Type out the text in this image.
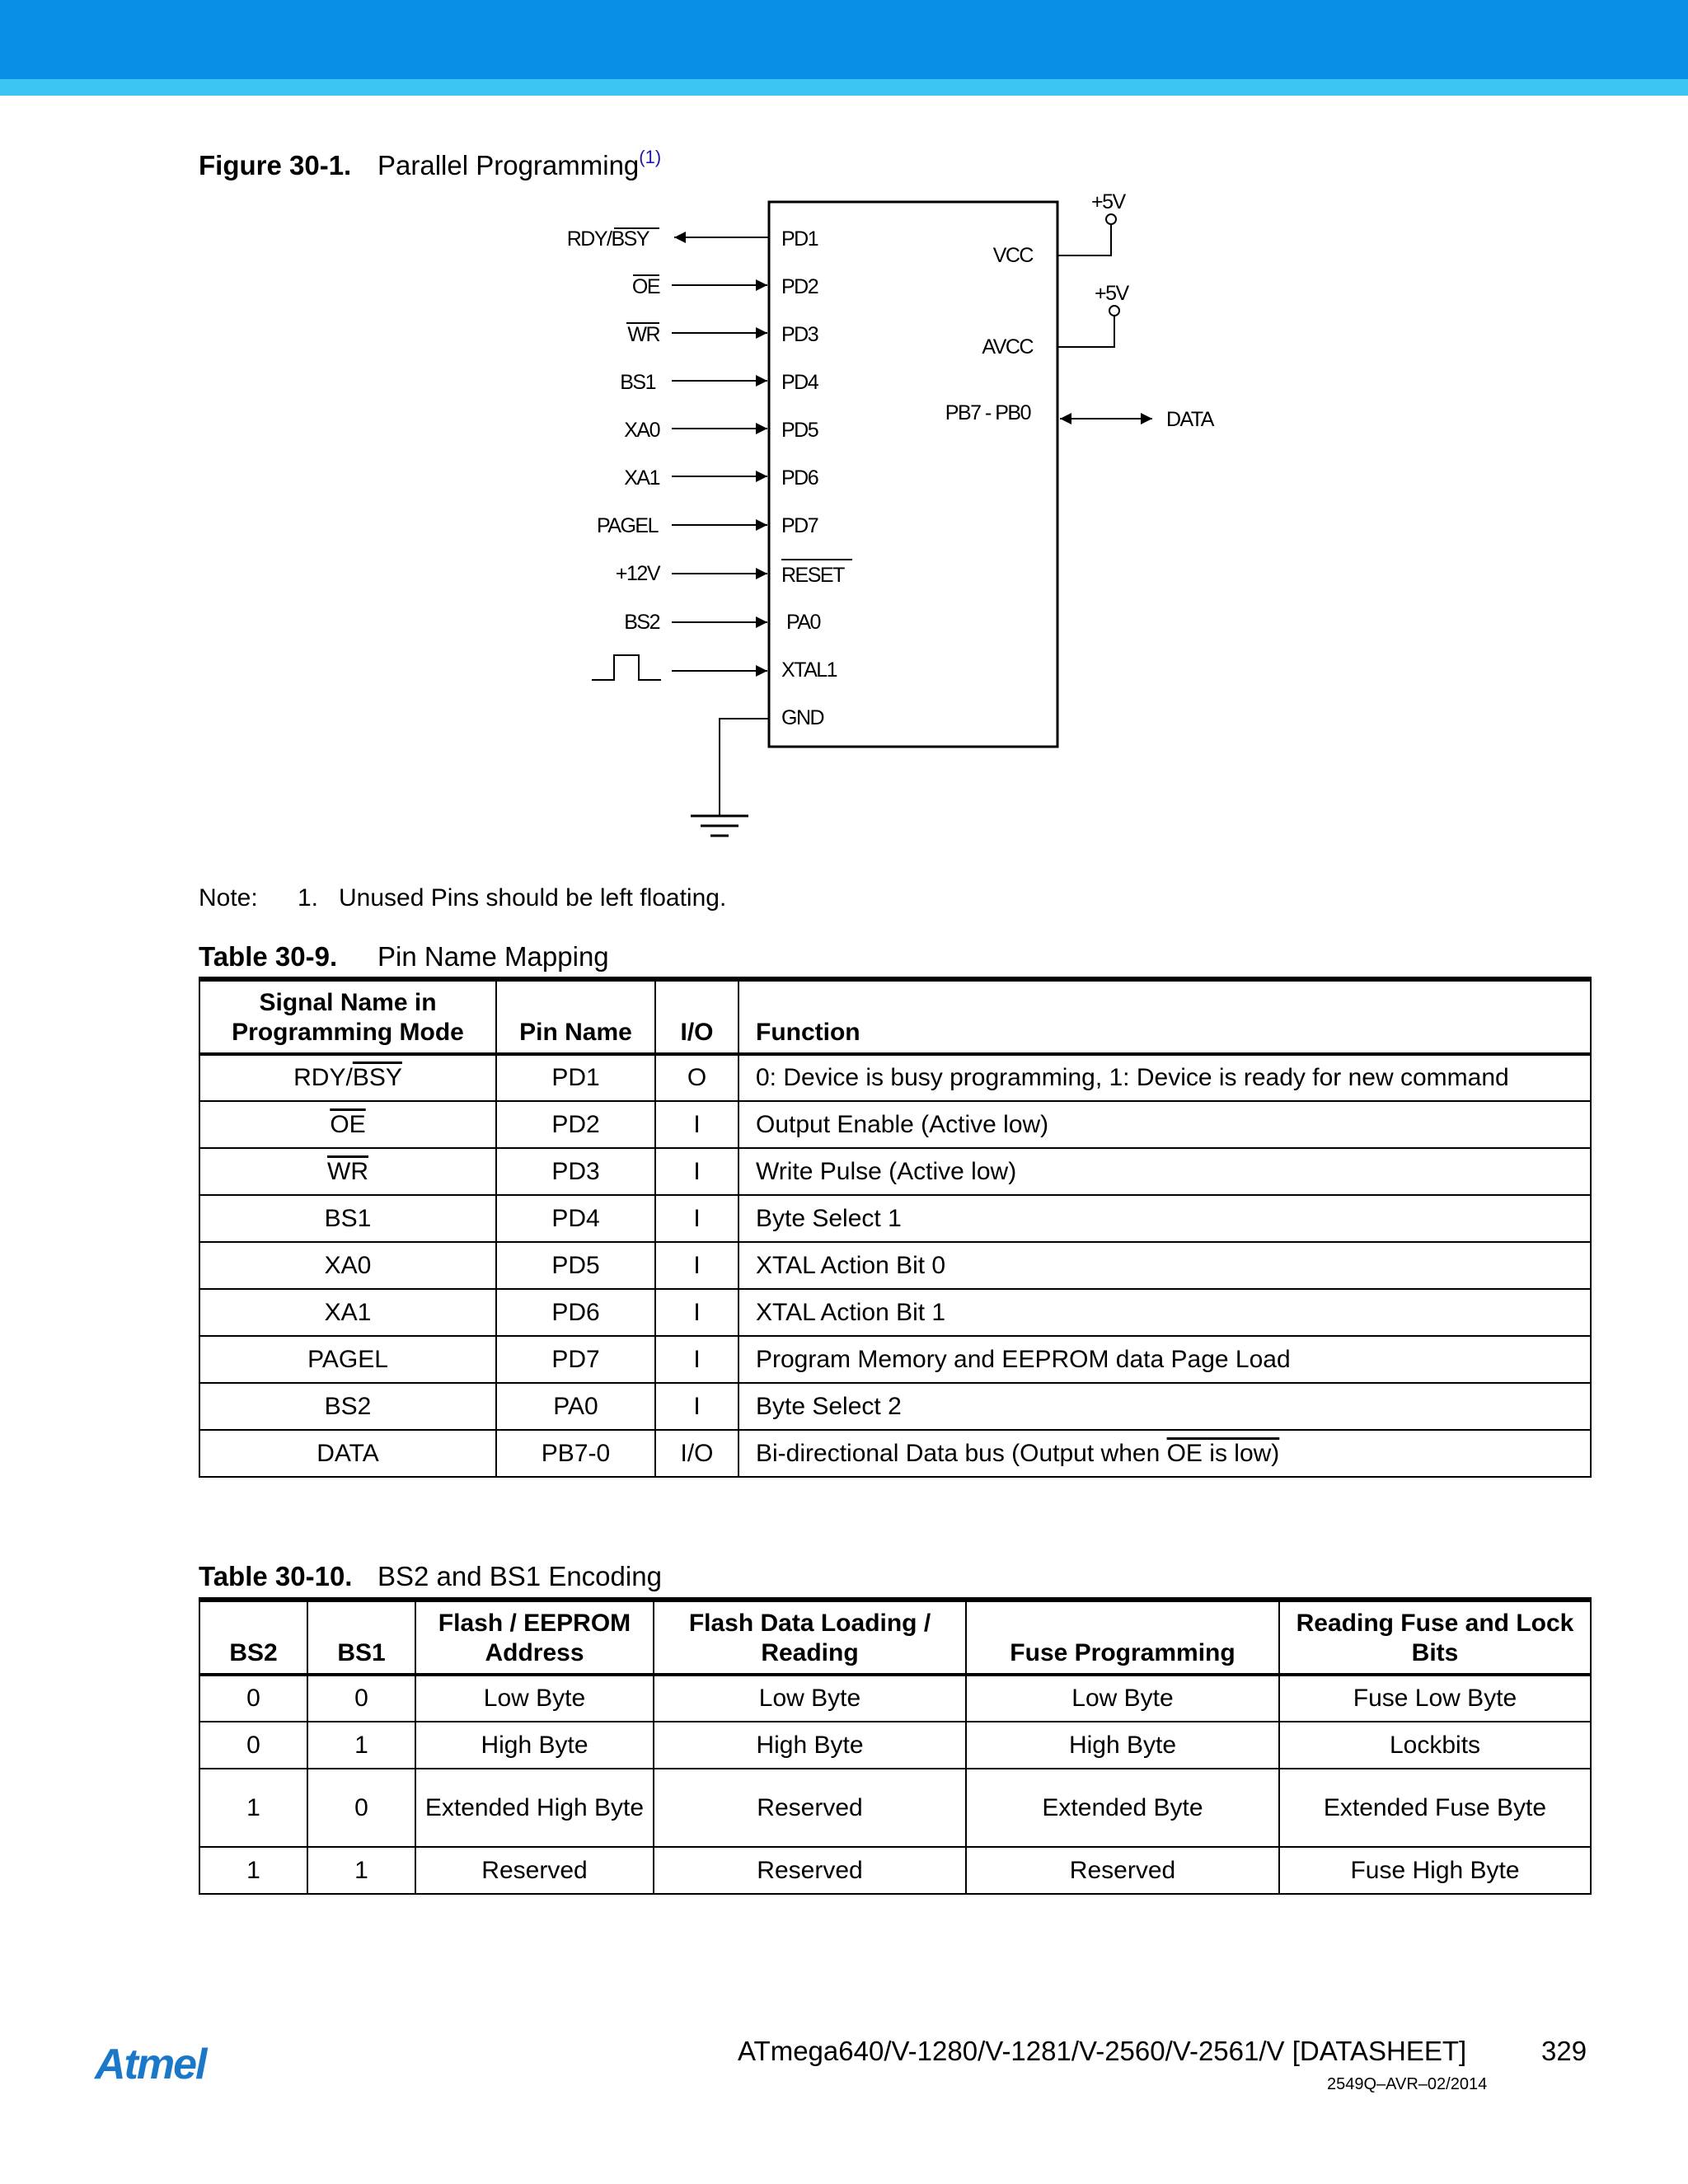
Figure 30-1. Parallel Programming$^{(1)}$
RDY/BSY
OE
WR
BS1
XA0
XA1
PAGEL
+12V
BS2
PD1
PD2
PD3
PD4
PD5
PD6
PD7
RESET
PA0
XTAL1
GND
VCC
AVCC
PB7 - PB0
+5V
+5V
DATA
Note: 1. Unused Pins should be left floating.
Table 30-9. Pin Name Mapping
Signal Name in Programming Mode	Pin Name	I/O	Function
RDY/$\overline{BSY}$	PD1	O	0: Device is busy programming, 1: Device is ready for new command
$\overline{OE}$	PD2	I	Output Enable (Active low)
$\overline{WR}$	PD3	I	Write Pulse (Active low)
BS1	PD4	I	Byte Select 1
XA0	PD5	I	XTAL Action Bit 0
XA1	PD6	I	XTAL Action Bit 1
PAGEL	PD7	I	Program Memory and EEPROM data Page Load
BS2	PA0	I	Byte Select 2
DATA	PB7-0	I/O	Bi-directional Data bus (Output when OE is low)
Table 30-10. BS2 and BS1 Encoding
BS2	BS1	Flash / EEPROM Address	Flash Data Loading / Reading	Fuse Programming	Reading Fuse and Lock Bits
0	0	Low Byte	Low Byte	Low Byte	Fuse Low Byte
0	1	High Byte	High Byte	High Byte	Lockbits
1	0	Extended High Byte	Reserved	Extended Byte	Extended Fuse Byte
1	1	Reserved	Reserved	Reserved	Fuse High Byte
Atmel	ATmega640/V-1280/V-1281/V-2560/V-2561/V [DATASHEET]	329
2549Q–AVR–02/2014
